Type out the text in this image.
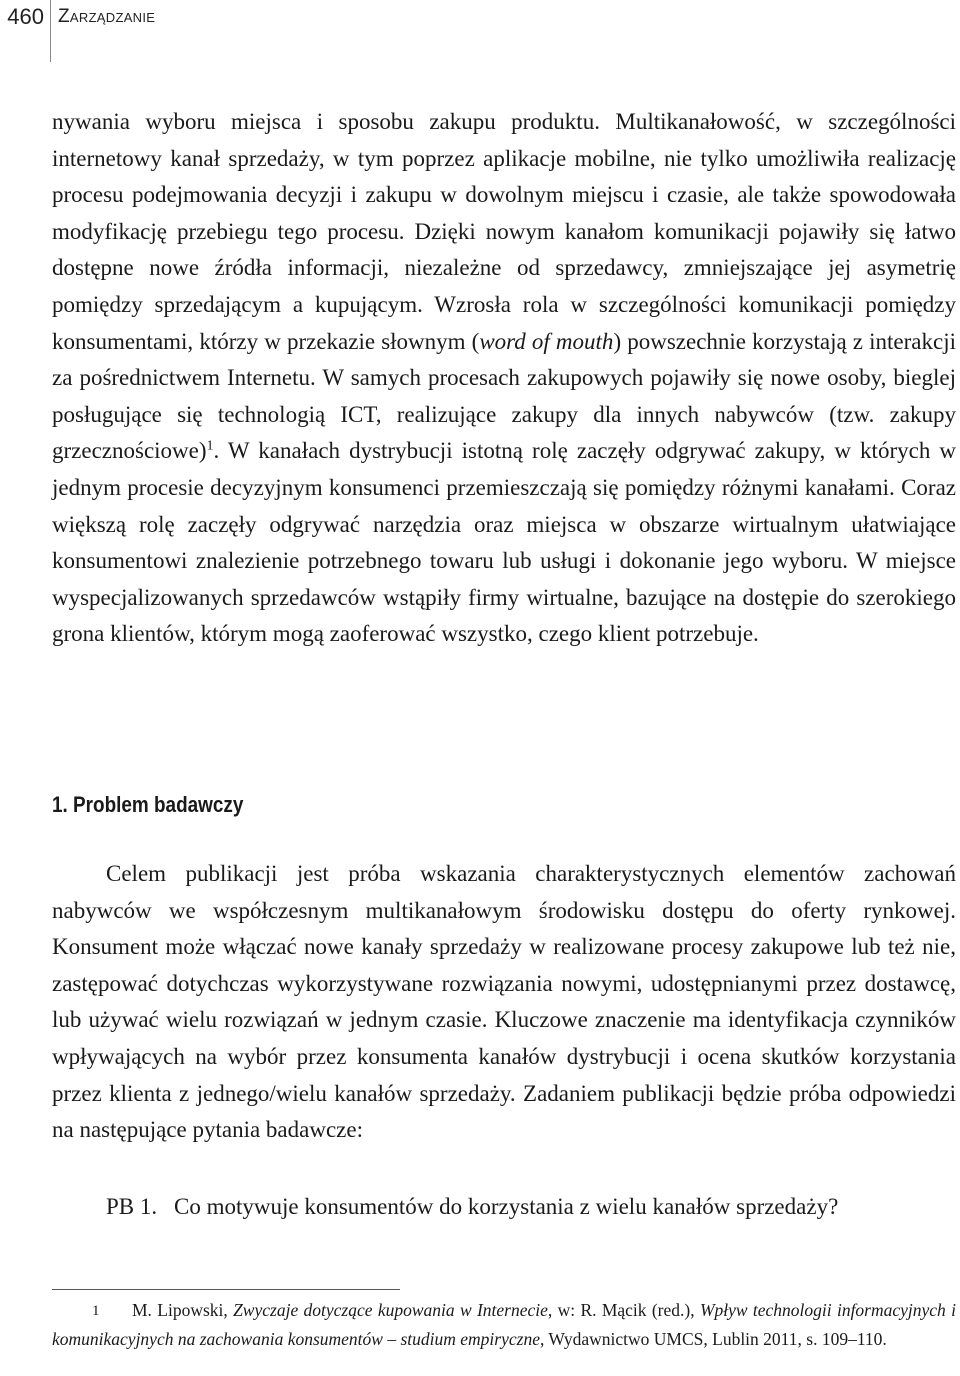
460 Zarządzanie
nywania wyboru miejsca i sposobu zakupu produktu. Multikanałowość, w szczególności internetowy kanał sprzedaży, w tym poprzez aplikacje mobilne, nie tylko umożliwiła realizację procesu podejmowania decyzji i zakupu w dowolnym miejscu i czasie, ale także spowodowała modyfikację przebiegu tego procesu. Dzięki nowym kanałom komunikacji pojawiły się łatwo dostępne nowe źródła informacji, niezależne od sprzedawcy, zmniejszające jej asymetrię pomiędzy sprzedającym a kupującym. Wzrosła rola w szczególności komunikacji pomiędzy konsumentami, którzy w przekazie słownym (word of mouth) powszechnie korzystają z interakcji za pośrednictwem Internetu. W samych procesach zakupowych pojawiły się nowe osoby, bieglej posługujące się technologią ICT, realizujące zakupy dla innych nabywców (tzw. zakupy grzecznościowe)$^1$. W kanałach dystrybucji istotną rolę zaczęły odgrywać zakupy, w których w jednym procesie decyzyjnym konsumenci przemieszczają się pomiędzy różnymi kanałami. Coraz większą rolę zaczęły odgrywać narzędzia oraz miejsca w obszarze wirtualnym ułatwiające konsumentowi znalezienie potrzebnego towaru lub usługi i dokonanie jego wyboru. W miejsce wyspecjalizowanych sprzedawców wstąpiły firmy wirtualne, bazujące na dostępie do szerokiego grona klientów, którym mogą zaoferować wszystko, czego klient potrzebuje.
1. Problem badawczy
Celem publikacji jest próba wskazania charakterystycznych elementów zachowań nabywców we współczesnym multikanałowym środowisku dostępu do oferty rynkowej. Konsument może włączać nowe kanały sprzedaży w realizowane procesy zakupowe lub też nie, zastępować dotychczas wykorzystywane rozwiązania nowymi, udostępnianymi przez dostawcę, lub używać wielu rozwiązań w jednym czasie. Kluczowe znaczenie ma identyfikacja czynników wpływających na wybór przez konsumenta kanałów dystrybucji i ocena skutków korzystania przez klienta z jednego/wielu kanałów sprzedaży. Zadaniem publikacji będzie próba odpowiedzi na następujące pytania badawcze:
PB 1. Co motywuje konsumentów do korzystania z wielu kanałów sprzedaży?
1 M. Lipowski, Zwyczaje dotyczące kupowania w Internecie, w: R. Mącik (red.), Wpływ technologii informacyjnych i komunikacyjnych na zachowania konsumentów – studium empiryczne, Wydawnictwo UMCS, Lublin 2011, s. 109–110.
